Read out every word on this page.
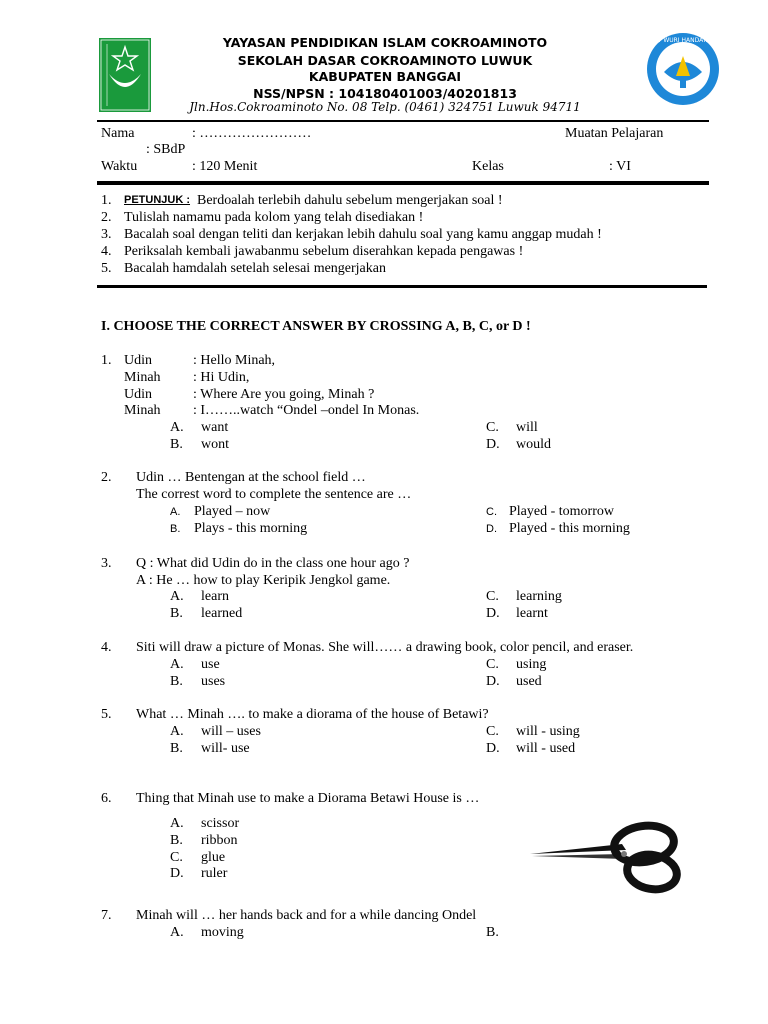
TUT WURI HANDAYANI
YAYASAN PENDIDIKAN ISLAM COKROAMINOTO
SEKOLAH DASAR COKROAMINOTO LUWUK
KABUPATEN BANGGAI
NSS/NPSN : 104180401003/40201813
Jln.Hos.Cokroaminoto No. 08 Telp. (0461) 324751 Luwuk 94711
Nama	: ……………………	Muatan Pelajaran
: SBdP
Waktu	: 120 Menit	Kelas	: VI
1. PETUNJUK : Berdoalah terlebih dahulu sebelum mengerjakan soal !
2. Tulislah namamu pada kolom yang telah disediakan !
3. Bacalah soal dengan teliti dan kerjakan lebih dahulu soal yang kamu anggap mudah !
4. Periksalah kembali jawabanmu sebelum diserahkan kepada pengawas !
5. Bacalah hamdalah setelah selesai mengerjakan
I. CHOOSE THE CORRECT ANSWER BY CROSSING A, B, C, or D !
1. Udin	: Hello Minah,
Minah : Hi Udin,
Udin	: Where Are you going, Minah ?
Minah : I……..watch “Ondel –ondel In Monas.
A. want	C. will
B. wont	D. would
2. Udin … Bentengan at the school field …
The correst word to complete the sentence are …
A. Played – now	C. Played - tomorrow
B. Plays - this morning	D. Played - this morning
3. Q : What did Udin do in the class one hour ago ?
A : He … how to play Keripik Jengkol game.
A. learn	C. learning
B. learned	D. learnt
4. Siti will draw a picture of Monas. She will…… a drawing book, color pencil, and eraser.
A. use	C. using
B. uses	D. used
5. What … Minah …. to make a diorama of the house of Betawi?
A. will – uses	C. will - using
B. will- use	D. will - used
6. Thing that Minah use to make a Diorama Betawi House is …
A. scissor
B. ribbon
C. glue
D. ruler
7. Minah will … her hands back and for a while dancing Ondel
A. moving	B.
